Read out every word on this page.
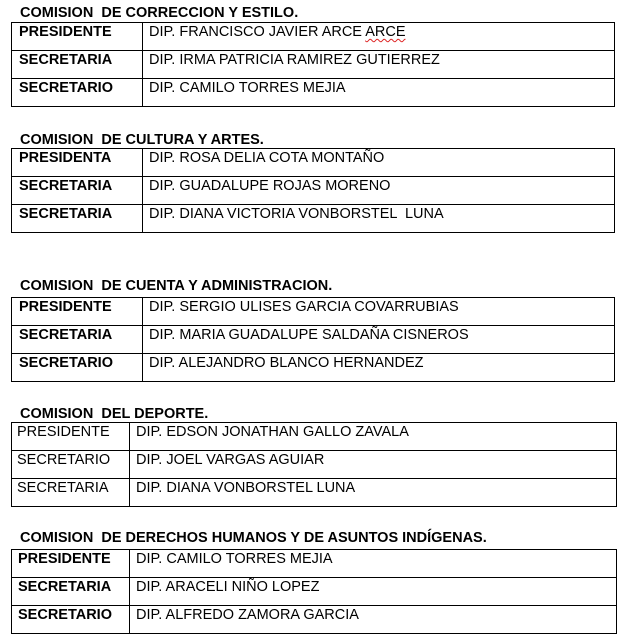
COMISION  DE CORRECCION Y ESTILO.
PRESIDENTE	DIP. FRANCISCO JAVIER ARCE ARCE
SECRETARIA	DIP. IRMA PATRICIA RAMIREZ GUTIERREZ
SECRETARIO	DIP. CAMILO TORRES MEJIA
COMISION  DE CULTURA Y ARTES.
PRESIDENTA	DIP. ROSA DELIA COTA MONTAÑO
SECRETARIA	DIP. GUADALUPE ROJAS MORENO
SECRETARIA	DIP. DIANA VICTORIA VONBORSTEL  LUNA
COMISION  DE CUENTA Y ADMINISTRACION.
PRESIDENTE	DIP. SERGIO ULISES GARCIA COVARRUBIAS
SECRETARIA	DIP. MARIA GUADALUPE SALDAÑA CISNEROS
SECRETARIO	DIP. ALEJANDRO BLANCO HERNANDEZ
COMISION  DEL DEPORTE.
PRESIDENTE	DIP. EDSON JONATHAN GALLO ZAVALA
SECRETARIO	DIP. JOEL VARGAS AGUIAR
SECRETARIA	DIP. DIANA VONBORSTEL LUNA
COMISION  DE DERECHOS HUMANOS Y DE ASUNTOS INDÍGENAS.
PRESIDENTE	DIP. CAMILO TORRES MEJIA
SECRETARIA	DIP. ARACELI NIÑO LOPEZ
SECRETARIO	DIP. ALFREDO ZAMORA GARCIA
